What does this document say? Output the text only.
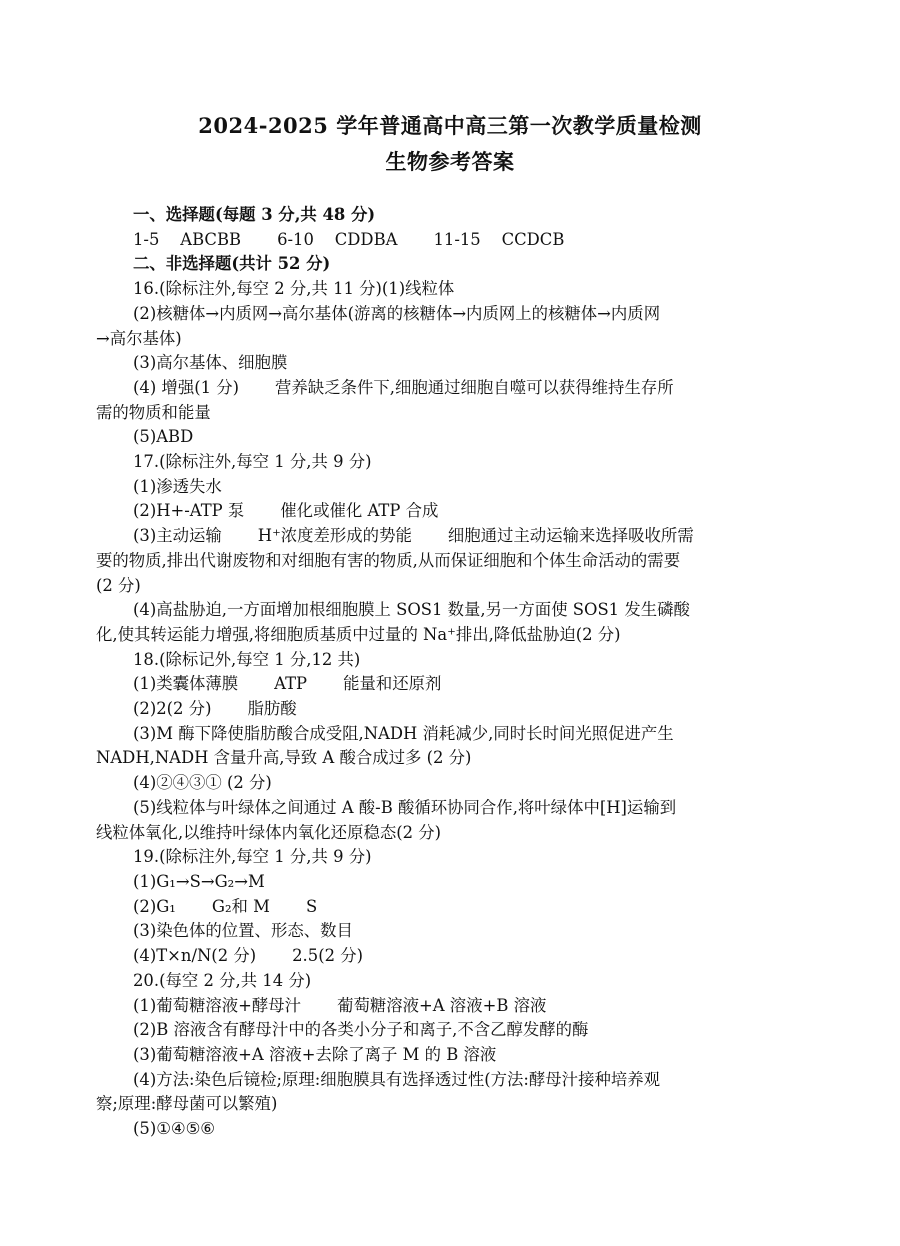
2024-2025 学年普通高中高三第一次教学质量检测
生物参考答案
一、选择题(每题 3 分,共 48 分)
1-5 ABCBB 6-10 CDDBA 11-15 CCDCB
二、非选择题(共计 52 分)
16.(除标注外,每空 2 分,共 11 分)(1)线粒体
(2)核糖体→内质网→高尔基体(游离的核糖体→内质网上的核糖体→内质网
→高尔基体)
(3)高尔基体、细胞膜
(4) 增强(1 分) 营养缺乏条件下,细胞通过细胞自噬可以获得维持生存所
需的物质和能量
(5)ABD
17.(除标注外,每空 1 分,共 9 分)
(1)渗透失水
(2)H+-ATP 泵 催化或催化 ATP 合成
(3)主动运输 H⁺浓度差形成的势能 细胞通过主动运输来选择吸收所需
要的物质,排出代谢废物和对细胞有害的物质,从而保证细胞和个体生命活动的需要
(2 分)
(4)高盐胁迫,一方面增加根细胞膜上 SOS1 数量,另一方面使 SOS1 发生磷酸
化,使其转运能力增强,将细胞质基质中过量的 Na⁺排出,降低盐胁迫(2 分)
18.(除标记外,每空 1 分,12 共)
(1)类囊体薄膜 ATP 能量和还原剂
(2)2(2 分) 脂肪酸
(3)M 酶下降使脂肪酸合成受阻,NADH 消耗减少,同时长时间光照促进产生
NADH,NADH 含量升高,导致 A 酸合成过多 (2 分)
(4)②④③① (2 分)
(5)线粒体与叶绿体之间通过 A 酸-B 酸循环协同合作,将叶绿体中[H]运输到
线粒体氧化,以维持叶绿体内氧化还原稳态(2 分)
19.(除标注外,每空 1 分,共 9 分)
(1)G₁→S→G₂→M
(2)G₁ G₂和 M S
(3)染色体的位置、形态、数目
(4)T×n/N(2 分) 2.5(2 分)
20.(每空 2 分,共 14 分)
(1)葡萄糖溶液+酵母汁 葡萄糖溶液+A 溶液+B 溶液
(2)B 溶液含有酵母汁中的各类小分子和离子,不含乙醇发酵的酶
(3)葡萄糖溶液+A 溶液+去除了离子 M 的 B 溶液
(4)方法:染色后镜检;原理:细胞膜具有选择透过性(方法:酵母汁接种培养观
察;原理:酵母菌可以繁殖)
(5)①④⑤⑥
